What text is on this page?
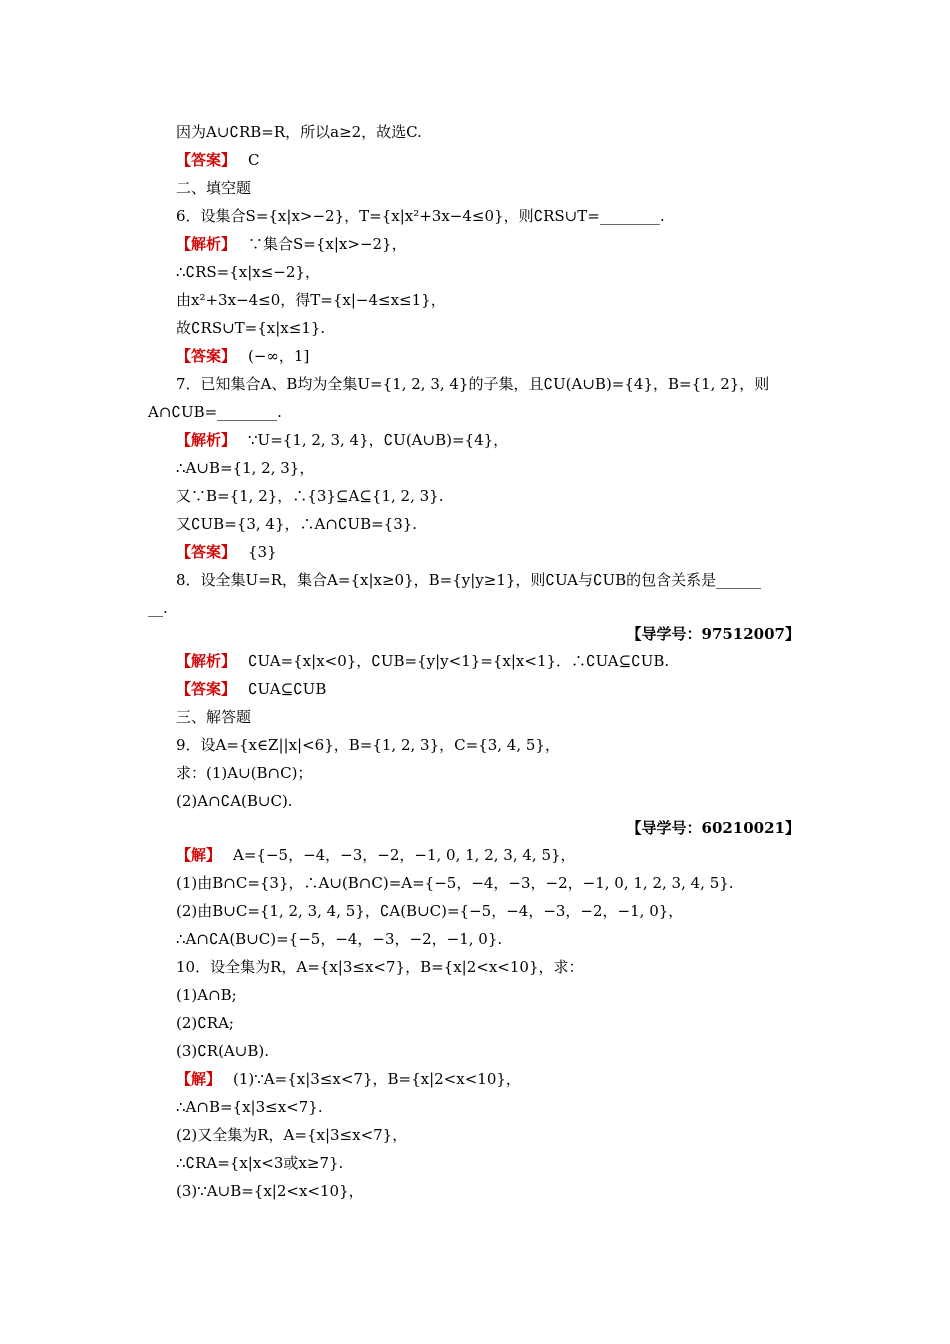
因为A∪∁RB=R，所以a≥2，故选C.
【答案】 C
二、填空题
6．设集合S={x|x>−2}，T={x|x²+3x−4≤0}，则∁RS∪T=________.
【解析】 ∵集合S={x|x>−2}，
∴∁RS={x|x≤−2}，
由x²+3x−4≤0，得T={x|−4≤x≤1}，
故∁RS∪T={x|x≤1}.
【答案】 (−∞，1]
7．已知集合A、B均为全集U={1, 2, 3, 4}的子集，且∁U(A∪B)={4}，B={1, 2}，则
A∩∁UB=________.
【解析】 ∵U={1, 2, 3, 4}，∁U(A∪B)={4}，
∴A∪B={1, 2, 3}，
又∵B={1, 2}，∴{3}⊆A⊆{1, 2, 3}.
又∁UB={3, 4}，∴A∩∁UB={3}.
【答案】 {3}
8．设全集U=R，集合A={x|x≥0}，B={y|y≥1}，则∁UA与∁UB的包含关系是______
__.
【导学号：97512007】
【解析】 ∁UA={x|x<0}，∁UB={y|y<1}={x|x<1}．∴∁UA⊆∁UB.
【答案】 ∁UA⊆∁UB
三、解答题
9．设A={x∈Z||x|<6}，B={1, 2, 3}，C={3, 4, 5}，
求：(1)A∪(B∩C)；
(2)A∩∁A(B∪C).
【导学号：60210021】
【解】 A={−5，−4，−3，−2，−1, 0, 1, 2, 3, 4, 5}，
(1)由B∩C={3}，∴A∪(B∩C)=A={−5，−4，−3，−2，−1, 0, 1, 2, 3, 4, 5}.
(2)由B∪C={1, 2, 3, 4, 5}，∁A(B∪C)={−5，−4，−3，−2，−1, 0}，
∴A∩∁A(B∪C)={−5，−4，−3，−2，−1, 0}.
10．设全集为R，A={x|3≤x<7}，B={x|2<x<10}，求：
(1)A∩B;
(2)∁RA;
(3)∁R(A∪B).
【解】 (1)∵A={x|3≤x<7}，B={x|2<x<10}，
∴A∩B={x|3≤x<7}.
(2)又全集为R，A={x|3≤x<7}，
∴∁RA={x|x<3或x≥7}.
(3)∵A∪B={x|2<x<10}，
